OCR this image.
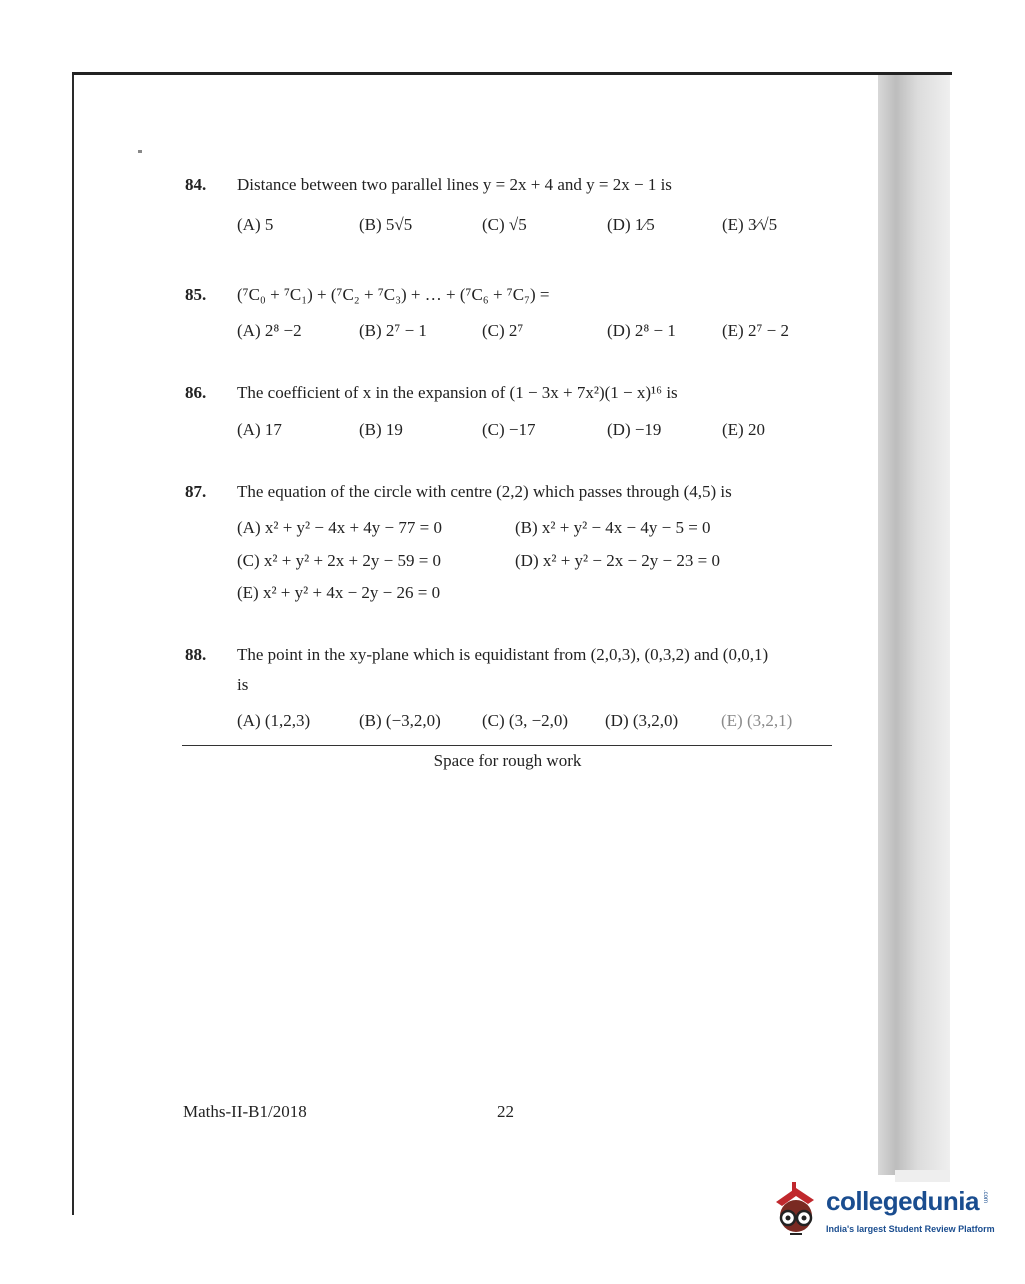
84. Distance between two parallel lines y = 2x + 4 and y = 2x − 1 is
(A) 5	(B) 5√5	(C) √5	(D) 1⁄5	(E) 3⁄√5
85. (⁷C₀ + ⁷C₁) + (⁷C₂ + ⁷C₃) + … + (⁷C₆ + ⁷C₇) =
(A) 2⁸ −2	(B) 2⁷ − 1	(C) 2⁷	(D) 2⁸ − 1	(E) 2⁷ − 2
86. The coefficient of x in the expansion of (1 − 3x + 7x²)(1 − x)¹⁶ is
(A) 17	(B) 19	(C) −17	(D) −19	(E) 20
87. The equation of the circle with centre (2,2) which passes through (4,5) is
(A) x² + y² − 4x + 4y − 77 = 0	(B) x² + y² − 4x − 4y − 5 = 0
(C) x² + y² + 2x + 2y − 59 = 0	(D) x² + y² − 2x − 2y − 23 = 0
(E) x² + y² + 4x − 2y − 26 = 0
88. The point in the xy-plane which is equidistant from (2,0,3), (0,3,2) and (0,0,1)
is
(A) (1,2,3)	(B) (−3,2,0) (C) (3, −2,0) (D) (3,2,0)	(E) (3,2,1)
Space for rough work
Maths-II-B1/2018	22
collegedunia
India's largest Student Review Platform
.com
